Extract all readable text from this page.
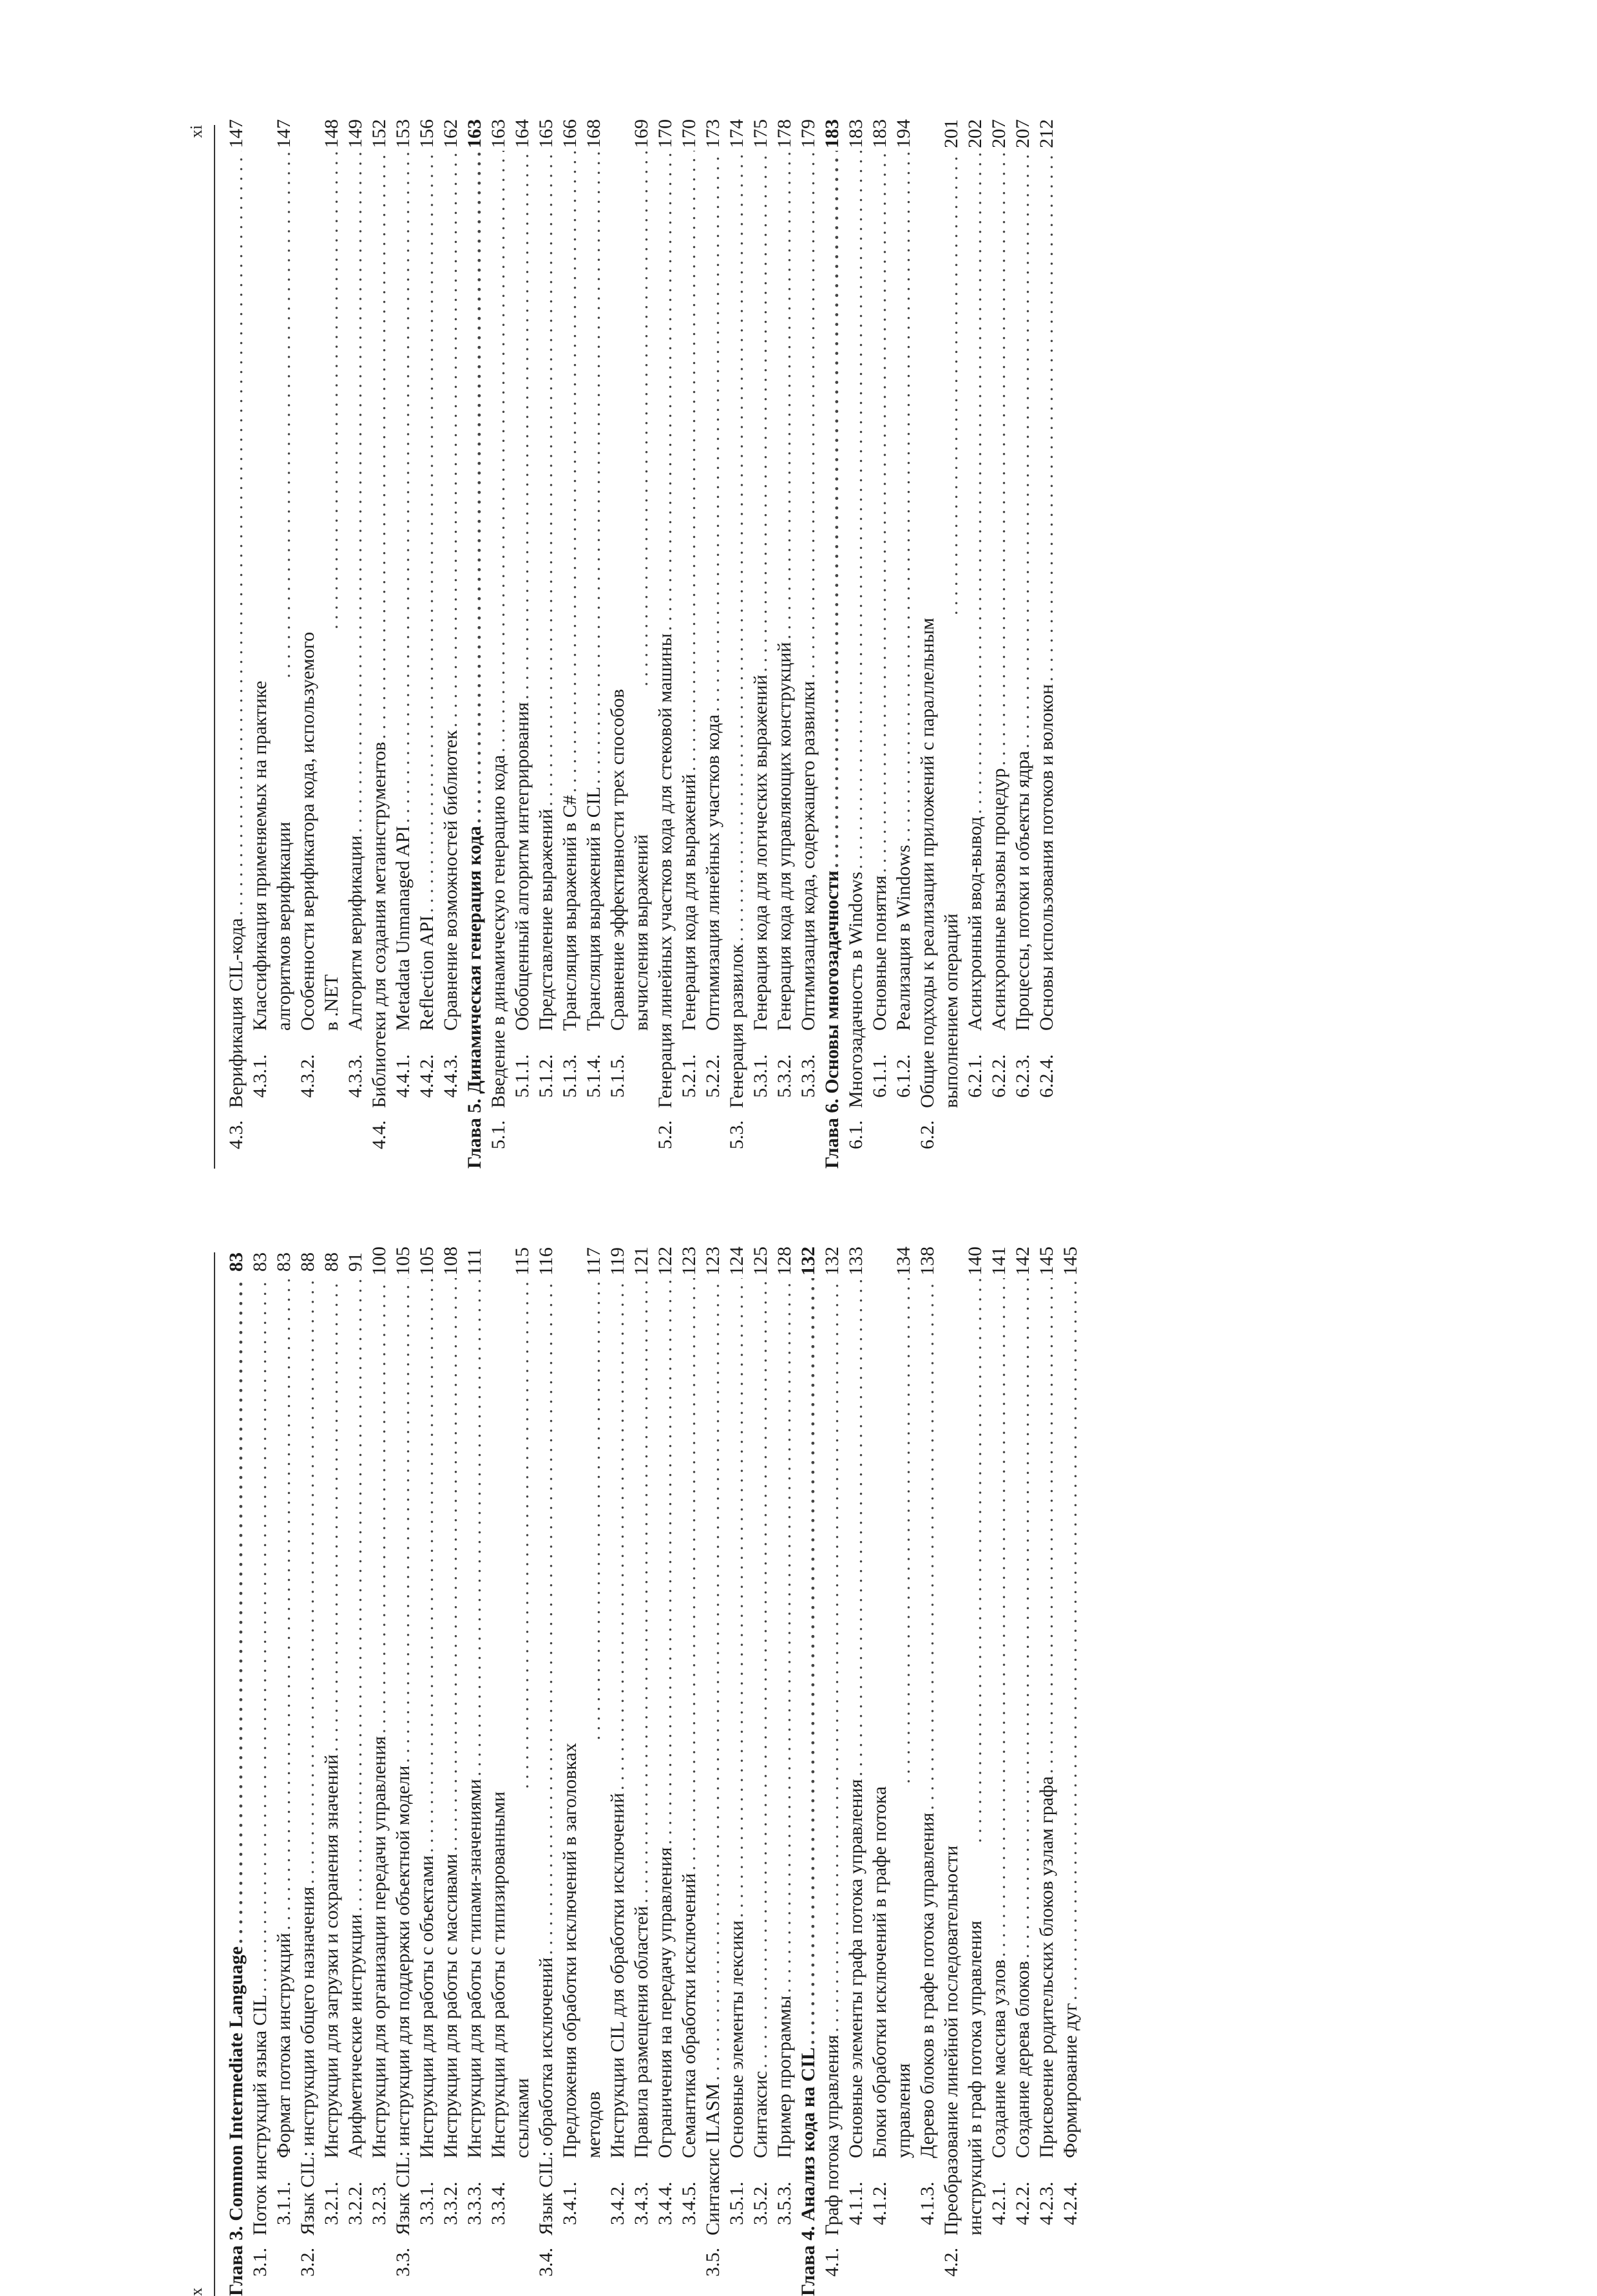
x Глава 3. Common Intermediate Language
. . .
83
3.1.Поток инструкций языка CIL
. . .
83
3.1.1.Формат потока инструкций
. . .
83
3.2.Язык CIL: инструкции общего назначения
. . .
88
3.2.1.Инструкции для загрузки и сохранения значений
. . .
88
3.2.2.Арифметические инструкции
. . .
91
3.2.3.Инструкции для организации передачи управления
. . .
100
3.3.Язык CIL: инструкции для поддержки объектной модели
. . .
105
3.3.1.Инструкции для работы с объектами
. . .
105
3.3.2.Инструкции для работы с массивами
. . .
108
3.3.3.Инструкции для работы с типами-значениями
. . .
111
3.3.4.Инструкции для работы с типизированными ссылками
. . .
115
3.4.Язык CIL: обработка исключений
. . .
116
3.4.1.Предложения обработки исключений в заголовках методов
. . .
117
3.4.2.Инструкции CIL для обработки исключений
. . .
119
3.4.3.Правила размещения областей
. . .
121
3.4.4.Ограничения на передачу управления
. . .
122
3.4.5.Семантика обработки исключений
. . .
123
3.5.Синтаксис ILASM
. . .
123
3.5.1.Основные элементы лексики
. . .
124
3.5.2.Синтаксис
. . .
125
3.5.3.Пример программы
. . .
128
Глава 4. Анализ кода на CIL
. . .
132
4.1.Граф потока управления
. . .
132
4.1.1.Основные элементы графа потока управления
. . .
133
4.1.2.Блоки обработки исключений в графе потока управления
. . .
134
4.1.3.Дерево блоков в графе потока управления
. . .
138
4.2.Преобразование линейной последовательности инструкций в граф потока управления
. . .
140
4.2.1.Создание массива узлов
. . .
141
4.2.2.Создание дерева блоков
. . .
142
4.2.3.Присвоение родительских блоков узлам графа
. . .
145
4.2.4.Формирование дуг
. . .
145
xi
4.3.Верификация CIL-кода
. . .
147
4.3.1.Классификация применяемых на практике алгоритмов верификации
. . .
147
4.3.2.Особенности верификатора кода, используемого в .NET
. . .
148
4.3.3.Алгоритм верификации
. . .
149
4.4.Библиотеки для создания метаинструментов
. . .
152
4.4.1.Metadata Unmanaged API
. . .
153
4.4.2.Reflection API
. . .
156
4.4.3.Сравнение возможностей библиотек
. . .
162
Глава 5. Динамическая генерация кода
. . .
163
5.1.Введение в динамическую генерацию кода
. . .
163
5.1.1.Обобщенный алгоритм интегрирования
. . .
164
5.1.2.Представление выражений
. . .
165
5.1.3.Трансляция выражений в C#
. . .
166
5.1.4.Трансляция выражений в CIL
. . .
168
5.1.5.Сравнение эффективности трех способов вычисления выражений
. . .
169
5.2.Генерация линейных участков кода для стековой машины
. . .
170
5.2.1.Генерация кода для выражений
. . .
170
5.2.2.Оптимизация линейных участков кода
. . .
173
5.3.Генерация развилок
. . .
174
5.3.1.Генерация кода для логических выражений
. . .
175
5.3.2.Генерация кода для управляющих конструкций
. . .
178
5.3.3.Оптимизация кода, содержащего развилки
. . .
179
Глава 6. Основы многозадачности
. . .
183
6.1.Многозадачность в Windows
. . .
183
6.1.1.Основные понятия
. . .
183
6.1.2.Реализация в Windows
. . .
194
6.2.Общие подходы к реализации приложений с параллельным выполнением операций
. . .
201
6.2.1.Асинхронный ввод-вывод
. . .
202
6.2.2.Асинхронные вызовы процедур
. . .
207
6.2.3.Процессы, потоки и объекты ядра
. . .
207
6.2.4.Основы использования потоков и волокон
. . .
212
